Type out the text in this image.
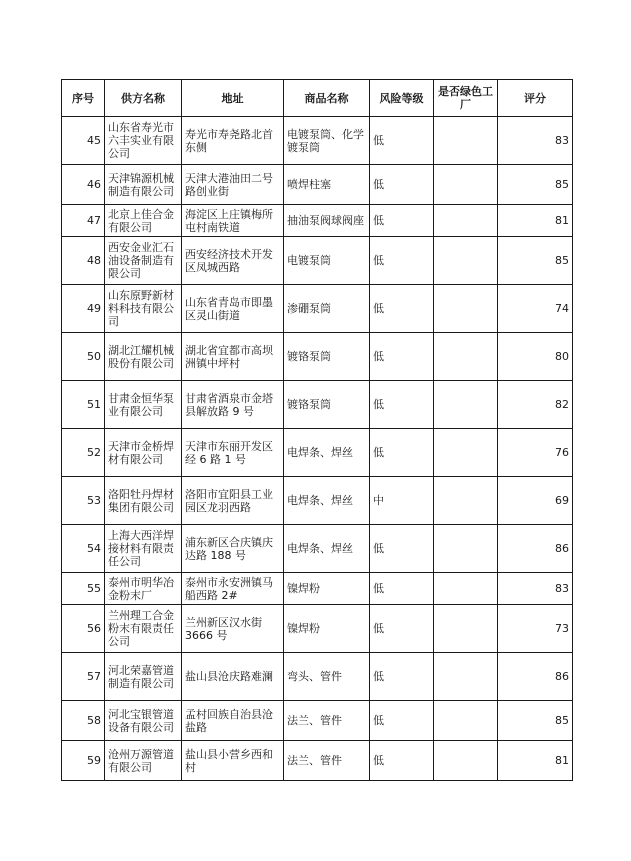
序号	供方名称	地址	商品名称	风险等级	是否绿色工厂	评分
45	山东省寿光市六丰实业有限公司	寿光市寿尧路北首东侧	电镀泵筒、化学镀泵筒	低		83
46	天津锦源机械制造有限公司	天津大港油田二号路创业街	喷焊柱塞	低		85
47	北京上佳合金有限公司	海淀区上庄镇梅所屯村南铁道	抽油泵阀球阀座	低		81
48	西安金业汇石油设备制造有限公司	西安经济技术开发区凤城西路	电镀泵筒	低		85
49	山东原野新材料科技有限公司	山东省青岛市即墨区灵山街道	渗硼泵筒	低		74
50	湖北江耀机械股份有限公司	湖北省宜都市高坝洲镇中坪村	镀铬泵筒	低		80
51	甘肃金恒华泵业有限公司	甘肃省酒泉市金塔县解放路 9 号	镀铬泵筒	低		82
52	天津市金桥焊材有限公司	天津市东丽开发区经 6 路 1 号	电焊条、焊丝	低		76
53	洛阳牡丹焊材集团有限公司	洛阳市宜阳县工业园区龙羽西路	电焊条、焊丝	中		69
54	上海大西洋焊接材料有限责任公司	浦东新区合庆镇庆达路 188 号	电焊条、焊丝	低		86
55	泰州市明华冶金粉末厂	泰州市永安洲镇马船西路 2#	镍焊粉	低		83
56	兰州理工合金粉末有限责任公司	兰州新区汉水街 3666 号	镍焊粉	低		73
57	河北荣嘉管道制造有限公司	盐山县沧庆路难澜	弯头、管件	低		86
58	河北宝银管道设备有限公司	孟村回族自治县沧盐路	法兰、管件	低		85
59	沧州万源管道有限公司	盐山县小营乡西和村	法兰、管件	低		81
